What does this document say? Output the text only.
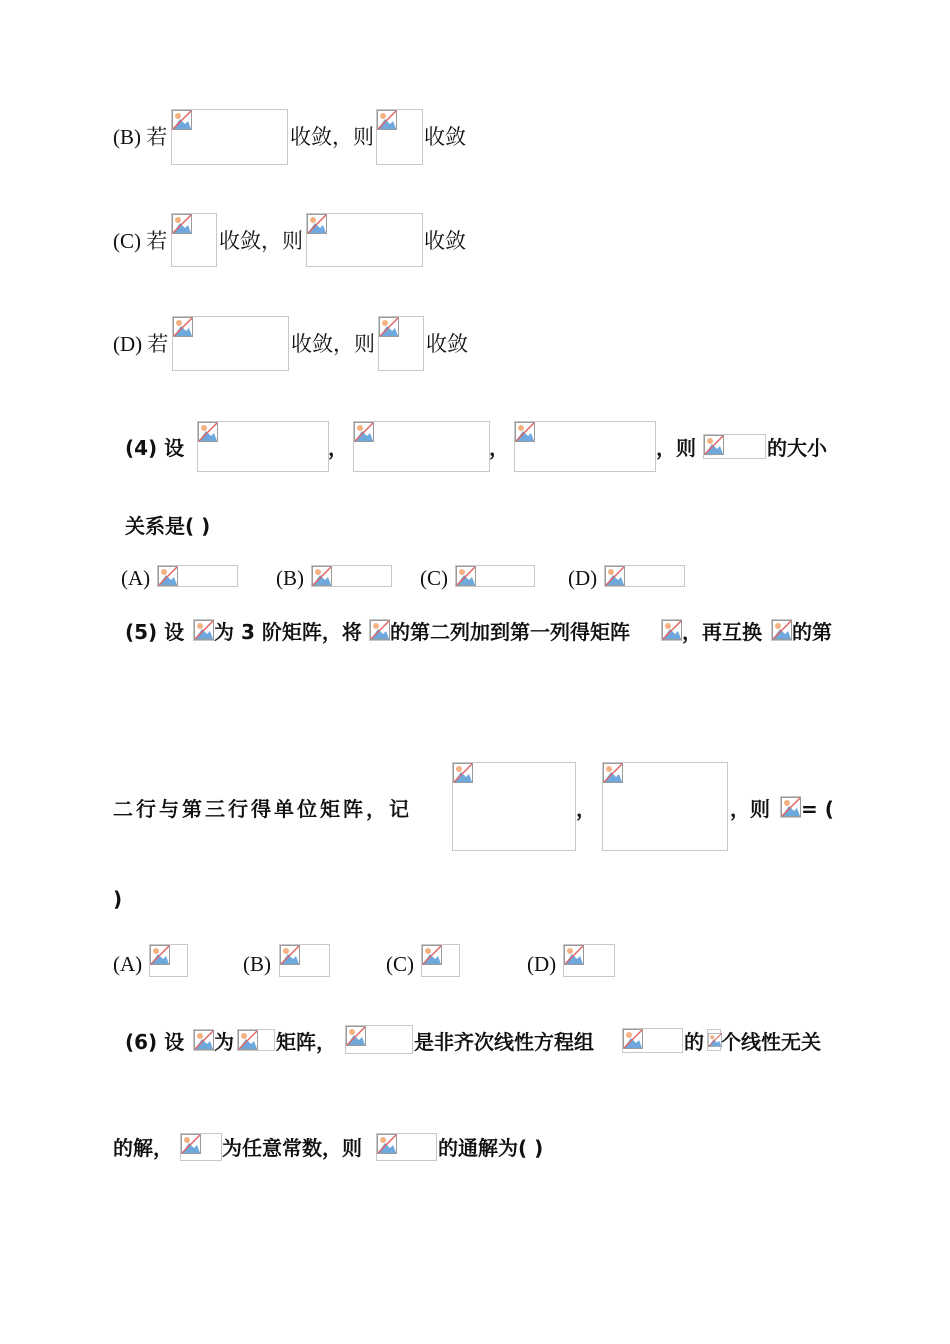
(B) 若	收敛，则 收敛
(C) 若 收敛，则	收敛
(D) 若	收敛，则 收敛
(4) 设	，	，	，则	的大小
关系是( )
(A)	(B)	(C)	(D)
(5) 设 为 3 阶矩阵，将 的第二列加到第一列得矩阵	，再互换 的第
二行与第三行得单位矩阵，记	，	，则 = (
)
(A)	(B)	(C)	(D)
(6) 设 为 矩阵，	是非齐次线性方程组	的 个线性无关
的解， 为任意常数，则	的通解为( )
